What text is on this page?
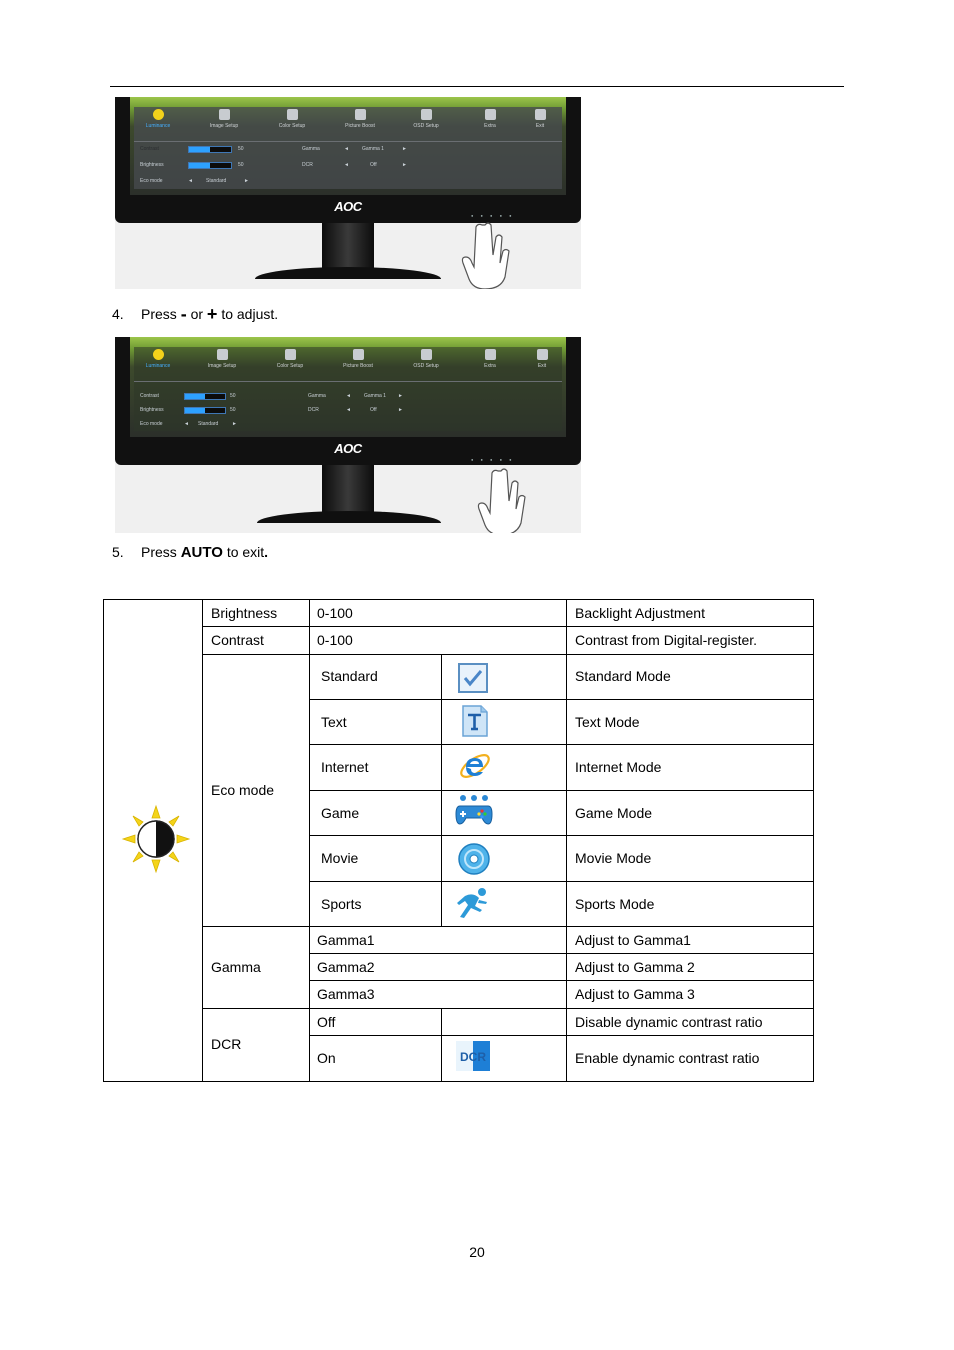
Luminance	Image Setup	Color Setup	Picture Boost	OSD Setup	Extra	Exit
Contrast	50
Brightness	50
Eco mode	◄	Standard	►
Gamma	◄	Gamma 1	►
DCR	◄	Off	►
AOC
● ● ● ● ●
4. Press - or + to adjust.
Luminance	Image Setup	Color Setup	Picture Boost	OSD Setup	Extra	Exit
Contrast	50
Brightness	50
Eco mode	◄ Standard	►
Gamma	◄	Gamma 1 ►
DCR	◄	Off	►
AOC
● ● ● ● ●
5. Press AUTO to exit.
Brightness	0-100	Backlight Adjustment
Contrast	0-100	Contrast from Digital-register.
Eco mode
Standard	Standard Mode
Text	Text Mode
Internet	Internet Mode
Game	Game Mode
Movie	Movie Mode
Sports	Sports Mode
Gamma
Gamma1	Adjust to Gamma1
Gamma2	Adjust to Gamma 2
Gamma3	Adjust to Gamma 3
DCR
Off	Disable dynamic contrast ratio
On	Enable dynamic contrast ratio
DCR
20
